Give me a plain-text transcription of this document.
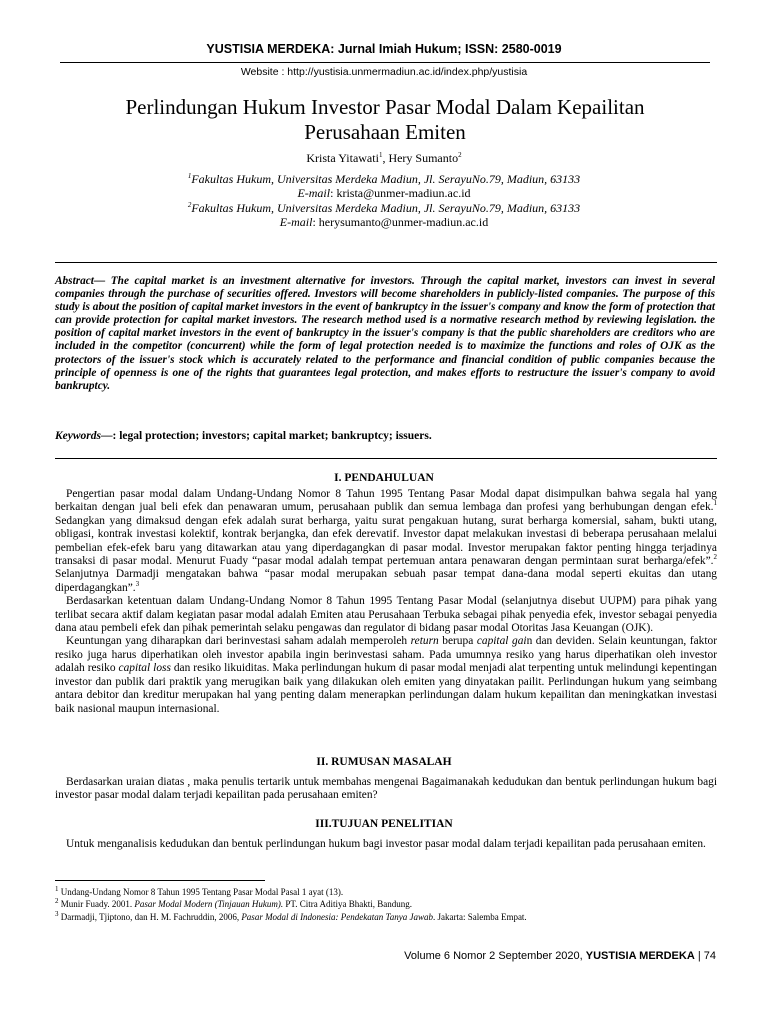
YUSTISIA MERDEKA: Jurnal Imiah Hukum; ISSN: 2580-0019
Website : http://yustisia.unmermadiun.ac.id/index.php/yustisia
Perlindungan Hukum Investor Pasar Modal Dalam Kepailitan
Perusahaan Emiten
Krista Yitawati$^1$, Hery Sumanto$^2$
$^1$Fakultas Hukum, Universitas Merdeka Madiun, Jl. SerayuNo.79, Madiun, 63133
E-mail: krista@unmer-madiun.ac.id
$^2$Fakultas Hukum, Universitas Merdeka Madiun, Jl. SerayuNo.79, Madiun, 63133
E-mail: herysumanto@unmer-madiun.ac.id
Abstract— The capital market is an investment alternative for investors. Through the capital market, investors can invest in several companies through the purchase of securities offered. Investors will become shareholders in publicly-listed companies. The purpose of this study is about the position of capital market investors in the event of bankruptcy in the issuer's company and know the form of protection that can provide protection for capital market investors. The research method used is a normative research method by reviewing legislation. the position of capital market investors in the event of bankruptcy in the issuer's company is that the public shareholders are creditors who are included in the competitor (concurrent) while the form of legal protection needed is to maximize the functions and roles of OJK as the protectors of the issuer's stock which is accurately related to the performance and financial condition of public companies because the principle of openness is one of the rights that guarantees legal protection, and makes efforts to restructure the issuer's company to avoid bankruptcy.
Keywords—: legal protection; investors; capital market; bankruptcy; issuers.
I. PENDAHULUAN

Pengertian pasar modal dalam Undang-Undang Nomor 8 Tahun 1995 Tentang Pasar Modal dapat disimpulkan bahwa segala hal yang berkaitan dengan jual beli efek dan penawaran umum, perusahaan publik dan semua lembaga dan profesi yang berhubungan dengan efek.$^1$ Sedangkan yang dimaksud dengan efek adalah surat berharga, yaitu surat pengakuan hutang, surat berharga komersial, saham, bukti utang, obligasi, kontrak investasi kolektif, kontrak berjangka, dan efek derevatif. Investor dapat melakukan investasi di beberapa perusahaan melalui pembelian efek-efek baru yang ditawarkan atau yang diperdagangkan di pasar modal. Investor merupakan faktor penting hingga terjadinya transaksi di pasar modal. Menurut Fuady “pasar modal adalah tempat pertemuan antara penawaran dengan permintaan surat berharga/efek”.$^2$ Selanjutnya Darmadji mengatakan bahwa “pasar modal merupakan sebuah pasar tempat dana-dana modal seperti ekuitas dan utang diperdagangkan”.$^3$

Berdasarkan ketentuan dalam Undang-Undang Nomor 8 Tahun 1995 Tentang Pasar Modal (selanjutnya disebut UUPM) para pihak yang terlibat secara aktif dalam kegiatan pasar modal adalah Emiten atau Perusahaan Terbuka sebagai pihak penyedia efek, investor sebagai penyedia dana atau pembeli efek dan pihak pemerintah selaku pengawas dan regulator di bidang pasar modal Otoritas Jasa Keuangan (OJK).

Keuntungan yang diharapkan dari berinvestasi saham adalah memperoleh return berupa capital gain dan deviden. Selain keuntungan, faktor resiko juga harus diperhatikan oleh investor apabila ingin berinvestasi saham. Pada umumnya resiko yang harus diperhatikan oleh investor adalah resiko capital loss dan resiko likuiditas. Maka perlindungan hukum di pasar modal menjadi alat terpenting untuk melindungi kepentingan investor dan publik dari praktik yang merugikan baik yang dilakukan oleh emiten yang dinyatakan pailit. Perlindungan hukum yang seimbang antara debitor dan kreditur merupakan hal yang penting dalam menerapkan perlindungan dalam hukum kepailitan dan meningkatkan investasi baik nasional maupun internasional.

II. RUMUSAN MASALAH

Berdasarkan uraian diatas , maka penulis tertarik untuk membahas mengenai Bagaimanakah kedudukan dan bentuk perlindungan hukum bagi investor pasar modal dalam terjadi kepailitan pada perusahaan emiten?

III.TUJUAN PENELITIAN

Untuk menganalisis kedudukan dan bentuk perlindungan hukum bagi investor pasar modal dalam terjadi kepailitan pada perusahaan emiten.

$^1$ Undang-Undang Nomor 8 Tahun 1995 Tentang Pasar Modal Pasal 1 ayat (13).
$^2$ Munir Fuady. 2001. Pasar Modal Modern (Tinjauan Hukum). PT. Citra Aditiya Bhakti, Bandung.
$^3$ Darmadji, Tjiptono, dan H. M. Fachruddin, 2006, Pasar Modal di Indonesia: Pendekatan Tanya Jawab. Jakarta: Salemba Empat.
Volume 6 Nomor 2 September 2020, YUSTISIA MERDEKA | 74
